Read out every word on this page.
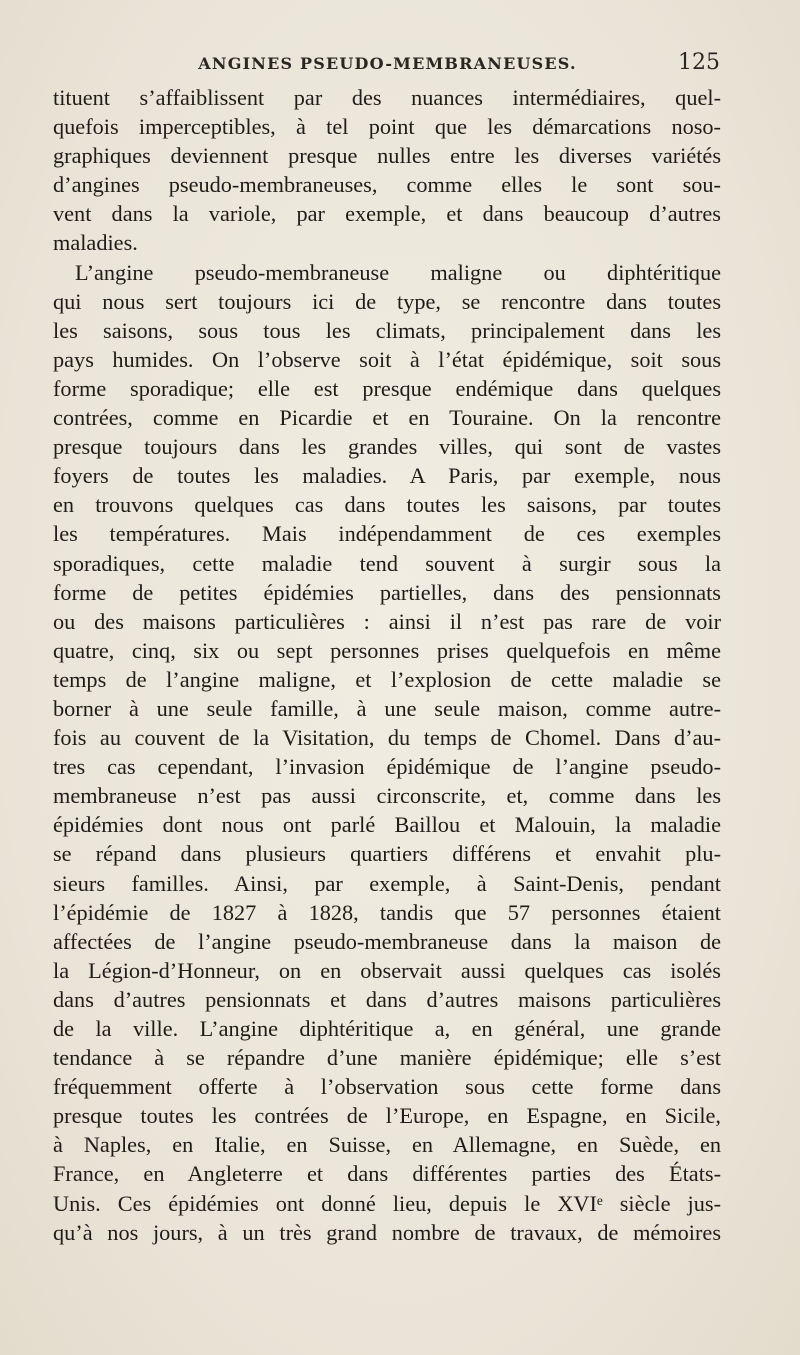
ANGINES PSEUDO-MEMBRANEUSES.	125
tituent s’affaiblissent par des nuances intermédiaires, quel-
quefois imperceptibles, à tel point que les démarcations noso-
graphiques deviennent presque nulles entre les diverses variétés
d’angines pseudo-membraneuses, comme elles le sont sou-
vent dans la variole, par exemple, et dans beaucoup d’autres
maladies.
L’angine pseudo-membraneuse maligne ou diphtéritique
qui nous sert toujours ici de type, se rencontre dans toutes
les saisons, sous tous les climats, principalement dans les
pays humides. On l’observe soit à l’état épidémique, soit sous
forme sporadique; elle est presque endémique dans quelques
contrées, comme en Picardie et en Touraine. On la rencontre
presque toujours dans les grandes villes, qui sont de vastes
foyers de toutes les maladies. A Paris, par exemple, nous
en trouvons quelques cas dans toutes les saisons, par toutes
les températures. Mais indépendamment de ces exemples
sporadiques, cette maladie tend souvent à surgir sous la
forme de petites épidémies partielles, dans des pensionnats
ou des maisons particulières : ainsi il n’est pas rare de voir
quatre, cinq, six ou sept personnes prises quelquefois en même
temps de l’angine maligne, et l’explosion de cette maladie se
borner à une seule famille, à une seule maison, comme autre-
fois au couvent de la Visitation, du temps de Chomel. Dans d’au-
tres cas cependant, l’invasion épidémique de l’angine pseudo-
membraneuse n’est pas aussi circonscrite, et, comme dans les
épidémies dont nous ont parlé Baillou et Malouin, la maladie
se répand dans plusieurs quartiers différens et envahit plu-
sieurs familles. Ainsi, par exemple, à Saint-Denis, pendant
l’épidémie de 1827 à 1828, tandis que 57 personnes étaient
affectées de l’angine pseudo-membraneuse dans la maison de
la Légion-d’Honneur, on en observait aussi quelques cas isolés
dans d’autres pensionnats et dans d’autres maisons particulières
de la ville. L’angine diphtéritique a, en général, une grande
tendance à se répandre d’une manière épidémique; elle s’est
fréquemment offerte à l’observation sous cette forme dans
presque toutes les contrées de l’Europe, en Espagne, en Sicile,
à Naples, en Italie, en Suisse, en Allemagne, en Suède, en
France, en Angleterre et dans différentes parties des États-
Unis. Ces épidémies ont donné lieu, depuis le XVIᵉ siècle jus-
qu’à nos jours, à un très grand nombre de travaux, de mémoires
